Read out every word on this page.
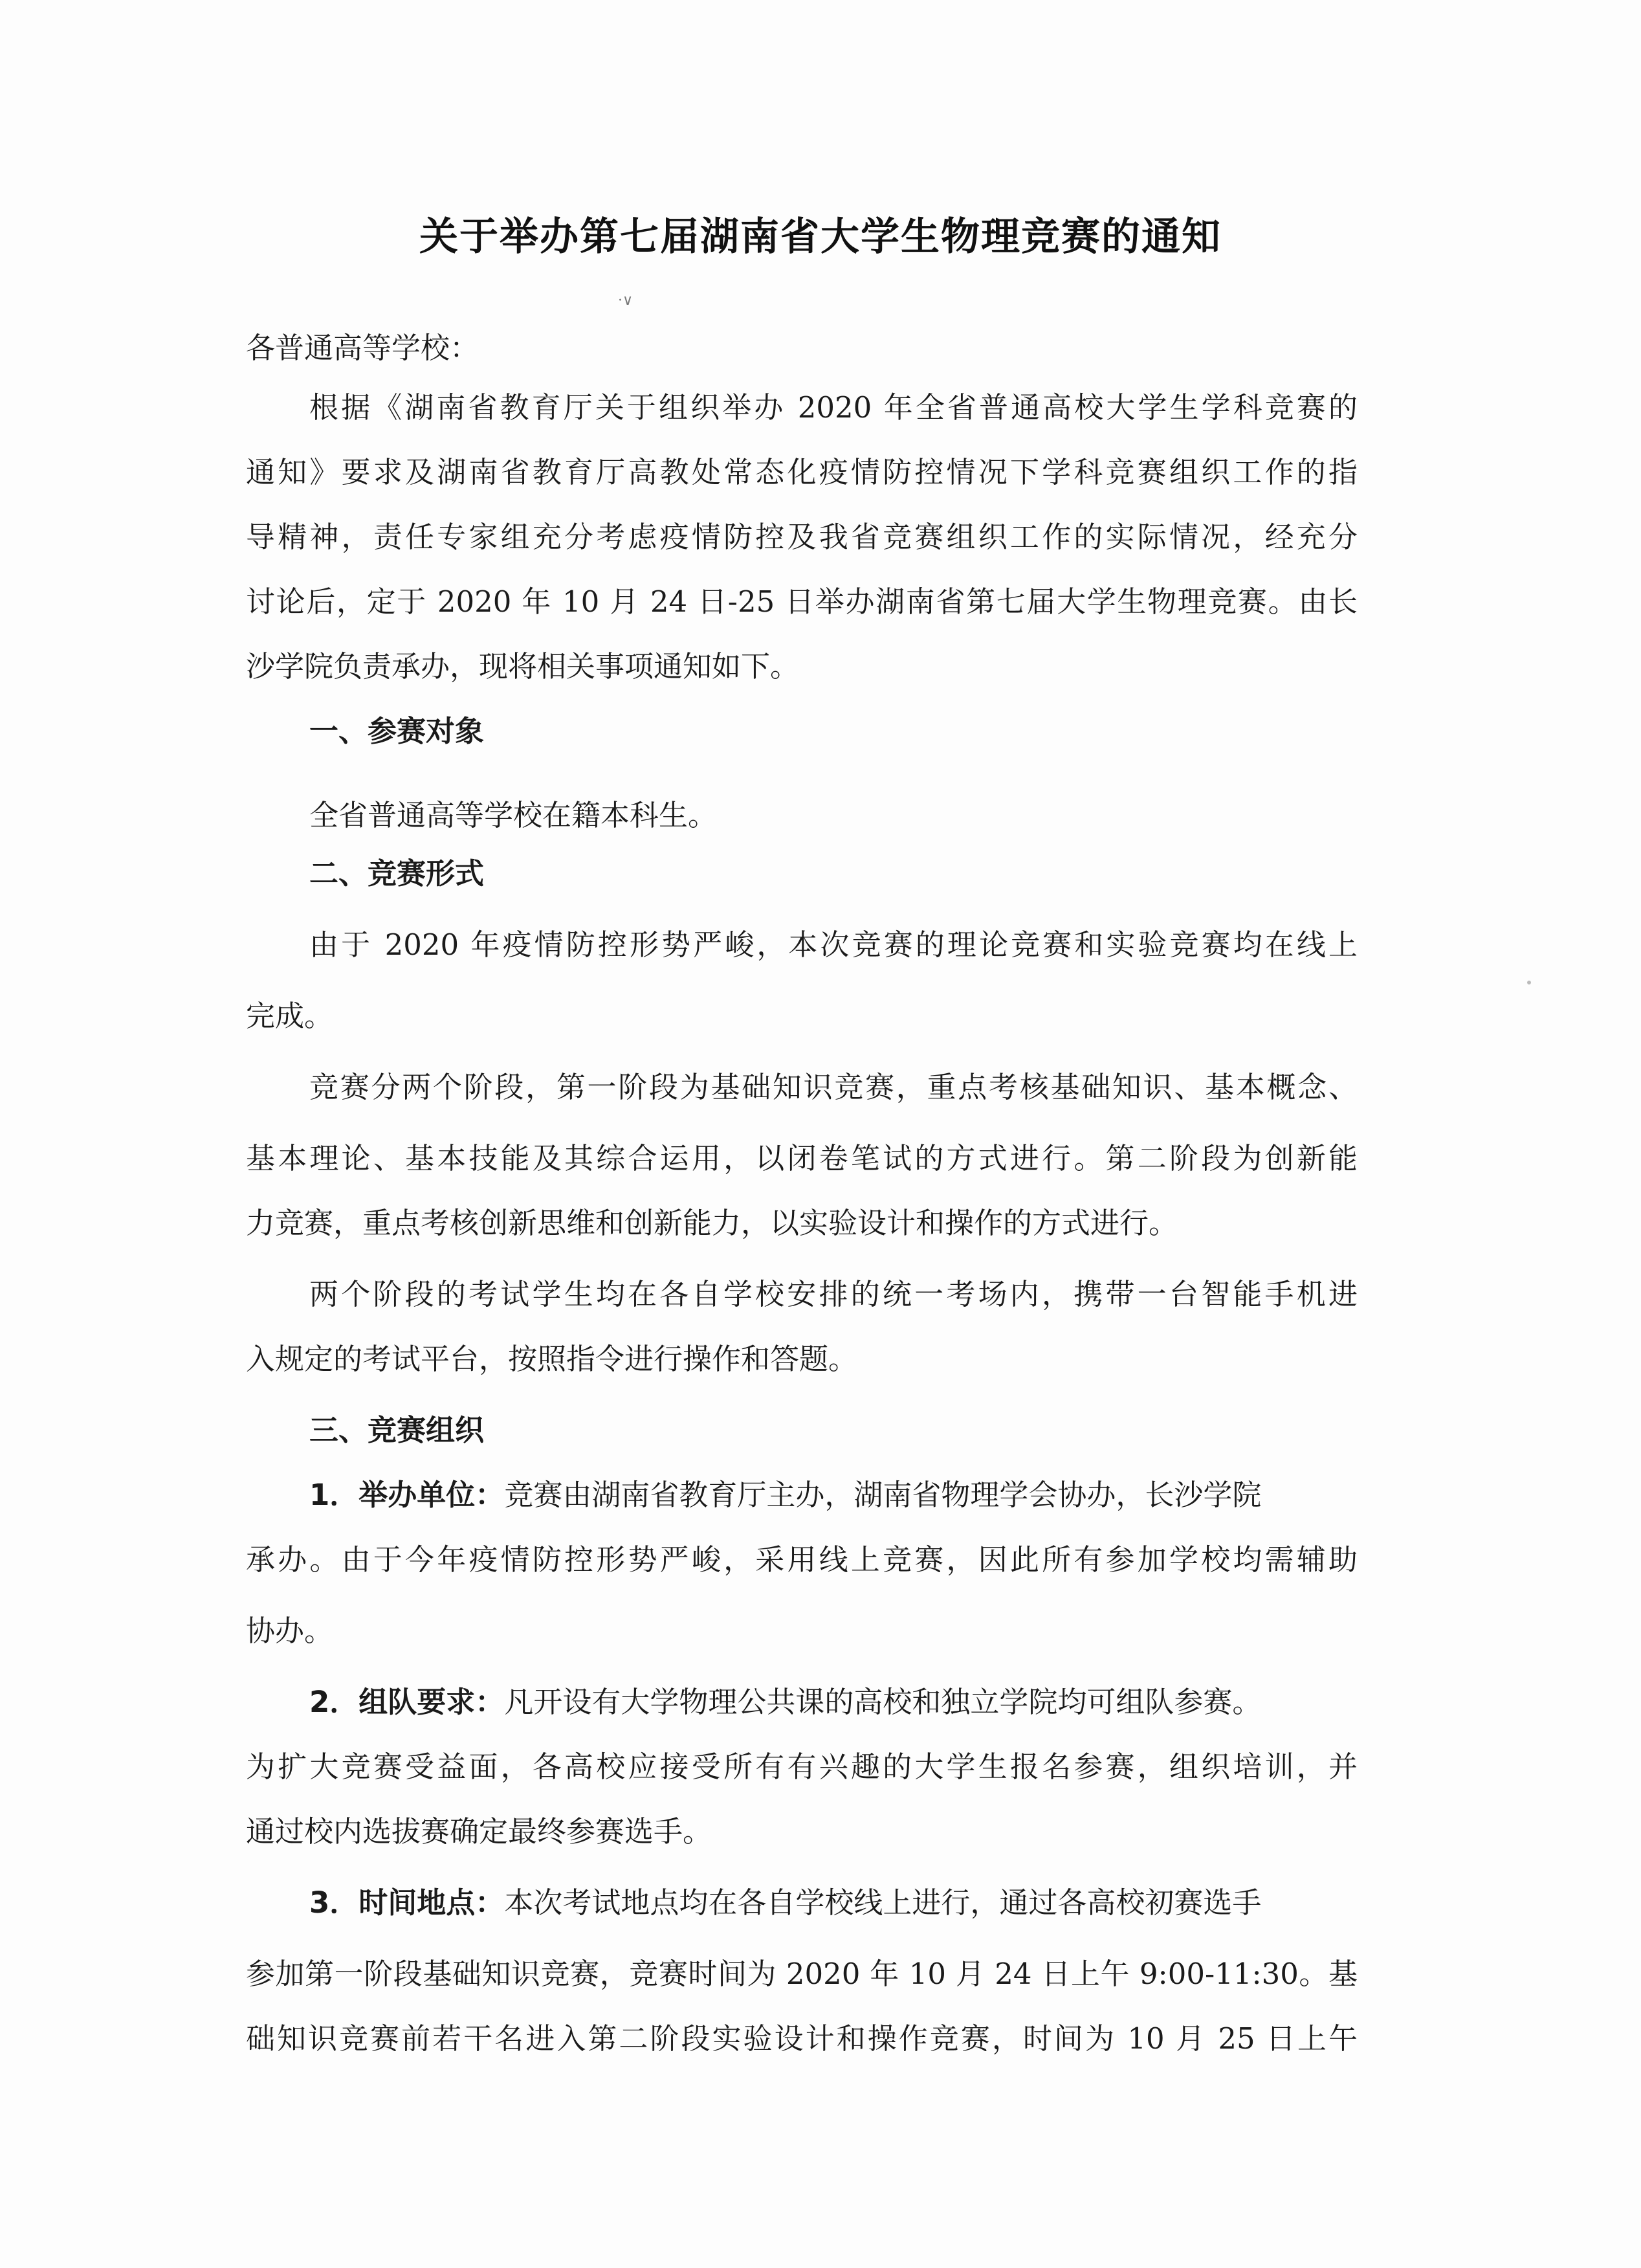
关于举办第七届湖南省大学生物理竞赛的通知
·∨
各普通高等学校：
根据《湖南省教育厅关于组织举办 2020 年全省普通高校大学生学科竞赛的
通知》要求及湖南省教育厅高教处常态化疫情防控情况下学科竞赛组织工作的指
导精神，责任专家组充分考虑疫情防控及我省竞赛组织工作的实际情况，经充分
讨论后，定于 2020 年 10 月 24 日-25 日举办湖南省第七届大学生物理竞赛。由长
沙学院负责承办，现将相关事项通知如下。
一、参赛对象
全省普通高等学校在籍本科生。
二、竞赛形式
由于 2020 年疫情防控形势严峻，本次竞赛的理论竞赛和实验竞赛均在线上
完成。
竞赛分两个阶段，第一阶段为基础知识竞赛，重点考核基础知识、基本概念、
基本理论、基本技能及其综合运用，以闭卷笔试的方式进行。第二阶段为创新能
力竞赛，重点考核创新思维和创新能力，以实验设计和操作的方式进行。
两个阶段的考试学生均在各自学校安排的统一考场内，携带一台智能手机进
入规定的考试平台，按照指令进行操作和答题。
三、竞赛组织
1．举办单位： 竞赛由湖南省教育厅主办，湖南省物理学会协办，长沙学院
承办。由于今年疫情防控形势严峻，采用线上竞赛，因此所有参加学校均需辅助
协办。
2．组队要求： 凡开设有大学物理公共课的高校和独立学院均可组队参赛。
为扩大竞赛受益面，各高校应接受所有有兴趣的大学生报名参赛，组织培训，并
通过校内选拔赛确定最终参赛选手。
3．时间地点： 本次考试地点均在各自学校线上进行，通过各高校初赛选手
参加第一阶段基础知识竞赛，竞赛时间为 2020 年 10 月 24 日上午 9:00-11:30。基
础知识竞赛前若干名进入第二阶段实验设计和操作竞赛，时间为 10 月 25 日上午
